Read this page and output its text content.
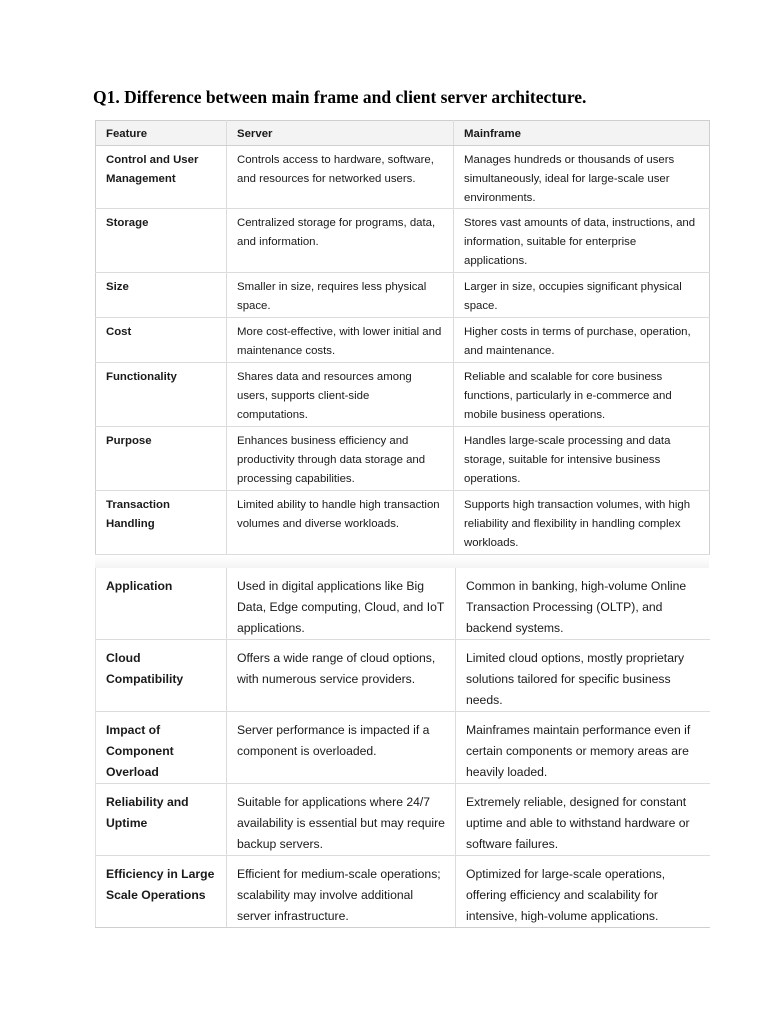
Q1. Difference between main frame and client server architecture.
Feature	Server	Mainframe
Control and User Management	Controls access to hardware, software, and resources for networked users.	Manages hundreds or thousands of users simultaneously, ideal for large-scale user environments.
Storage	Centralized storage for programs, data, and information.	Stores vast amounts of data, instructions, and information, suitable for enterprise applications.
Size	Smaller in size, requires less physical space.	Larger in size, occupies significant physical space.
Cost	More cost-effective, with lower initial and maintenance costs.	Higher costs in terms of purchase, operation, and maintenance.
Functionality	Shares data and resources among users, supports client-side computations.	Reliable and scalable for core business functions, particularly in e-commerce and mobile business operations.
Purpose	Enhances business efficiency and productivity through data storage and processing capabilities.	Handles large-scale processing and data storage, suitable for intensive business operations.
Transaction Handling	Limited ability to handle high transaction volumes and diverse workloads.	Supports high transaction volumes, with high reliability and flexibility in handling complex workloads.
Application	Used in digital applications like Big Data, Edge computing, Cloud, and IoT applications.	Common in banking, high-volume Online Transaction Processing (OLTP), and backend systems.
Cloud Compatibility	Offers a wide range of cloud options, with numerous service providers.	Limited cloud options, mostly proprietary solutions tailored for specific business needs.
Impact of Component Overload	Server performance is impacted if a component is overloaded.	Mainframes maintain performance even if certain components or memory areas are heavily loaded.
Reliability and Uptime	Suitable for applications where 24/7 availability is essential but may require backup servers.	Extremely reliable, designed for constant uptime and able to withstand hardware or software failures.
Efficiency in Large Scale Operations	Efficient for medium-scale operations; scalability may involve additional server infrastructure.	Optimized for large-scale operations, offering efficiency and scalability for intensive, high-volume applications.
